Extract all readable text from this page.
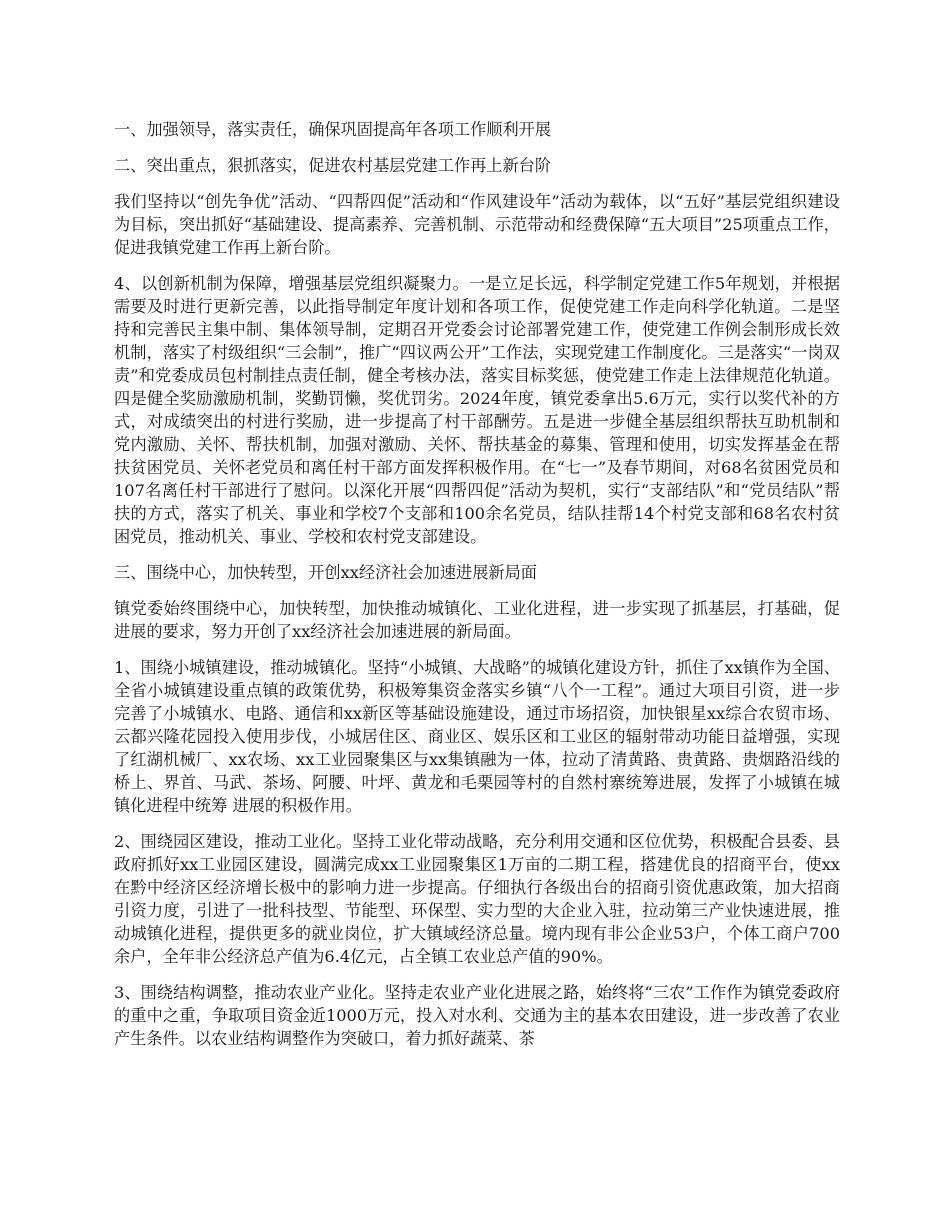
一、加强领导，落实责任，确保巩固提高年各项工作顺利开展

二、突出重点，狠抓落实，促进农村基层党建工作再上新台阶

我们坚持以“创先争优”活动、“四帮四促”活动和“作风建设年”活动为载体，以“五好”基层党组织建设为目标，突出抓好“基础建设、提高素养、完善机制、示范带动和经费保障“五大项目”25项重点工作，促进我镇党建工作再上新台阶。

4、以创新机制为保障，增强基层党组织凝聚力。一是立足长远，科学制定党建工作5年规划，并根据需要及时进行更新完善，以此指导制定年度计划和各项工作，促使党建工作走向科学化轨道。二是坚持和完善民主集中制、集体领导制，定期召开党委会讨论部署党建工作，使党建工作例会制形成长效机制，落实了村级组织“三会制”，推广“四议两公开”工作法，实现党建工作制度化。三是落实“一岗双责”和党委成员包村制挂点责任制，健全考核办法，落实目标奖惩，使党建工作走上法律规范化轨道。四是健全奖励激励机制，奖勤罚懒，奖优罚劣。2024年度，镇党委拿出5.6万元，实行以奖代补的方式，对成绩突出的村进行奖励，进一步提高了村干部酬劳。五是进一步健全基层组织帮扶互助机制和党内激励、关怀、帮扶机制，加强对激励、关怀、帮扶基金的募集、管理和使用，切实发挥基金在帮扶贫困党员、关怀老党员和离任村干部方面发挥积极作用。在“七一”及春节期间，对68名贫困党员和107名离任村干部进行了慰问。以深化开展“四帮四促”活动为契机，实行“支部结队”和“党员结队”帮扶的方式，落实了机关、事业和学校7个支部和100余名党员，结队挂帮14个村党支部和68名农村贫困党员，推动机关、事业、学校和农村党支部建设。

三、围绕中心，加快转型，开创xx经济社会加速进展新局面

镇党委始终围绕中心，加快转型，加快推动城镇化、工业化进程，进一步实现了抓基层，打基础，促进展的要求，努力开创了xx经济社会加速进展的新局面。

1、围绕小城镇建设，推动城镇化。坚持“小城镇、大战略”的城镇化建设方针，抓住了xx镇作为全国、全省小城镇建设重点镇的政策优势，积极筹集资金落实乡镇“八个一工程”。通过大项目引资，进一步完善了小城镇水、电路、通信和xx新区等基础设施建设，通过市场招资，加快银星xx综合农贸市场、云都兴隆花园投入使用步伐，小城居住区、商业区、娱乐区和工业区的辐射带动功能日益增强，实现了红湖机械厂、xx农场、xx工业园聚集区与xx集镇融为一体，拉动了清黄路、贵黄路、贵烟路沿线的桥上、界首、马武、茶场、阿腰、叶坪、黄龙和毛栗园等村的自然村寨统筹进展，发挥了小城镇在城镇化进程中统筹 进展的积极作用。

2、围绕园区建设，推动工业化。坚持工业化带动战略，充分利用交通和区位优势，积极配合县委、县政府抓好xx工业园区建设，圆满完成xx工业园聚集区1万亩的二期工程，搭建优良的招商平台，使xx在黔中经济区经济增长极中的影响力进一步提高。仔细执行各级出台的招商引资优惠政策，加大招商引资力度，引进了一批科技型、节能型、环保型、实力型的大企业入驻，拉动第三产业快速进展，推动城镇化进程，提供更多的就业岗位，扩大镇域经济总量。境内现有非公企业53户，个体工商户700余户，全年非公经济总产值为6.4亿元，占全镇工农业总产值的90%。

3、围绕结构调整，推动农业产业化。坚持走农业产业化进展之路，始终将“三农”工作作为镇党委政府的重中之重，争取项目资金近1000万元，投入对水利、交通为主的基本农田建设，进一步改善了农业产生条件。以农业结构调整作为突破口，着力抓好蔬菜、茶
